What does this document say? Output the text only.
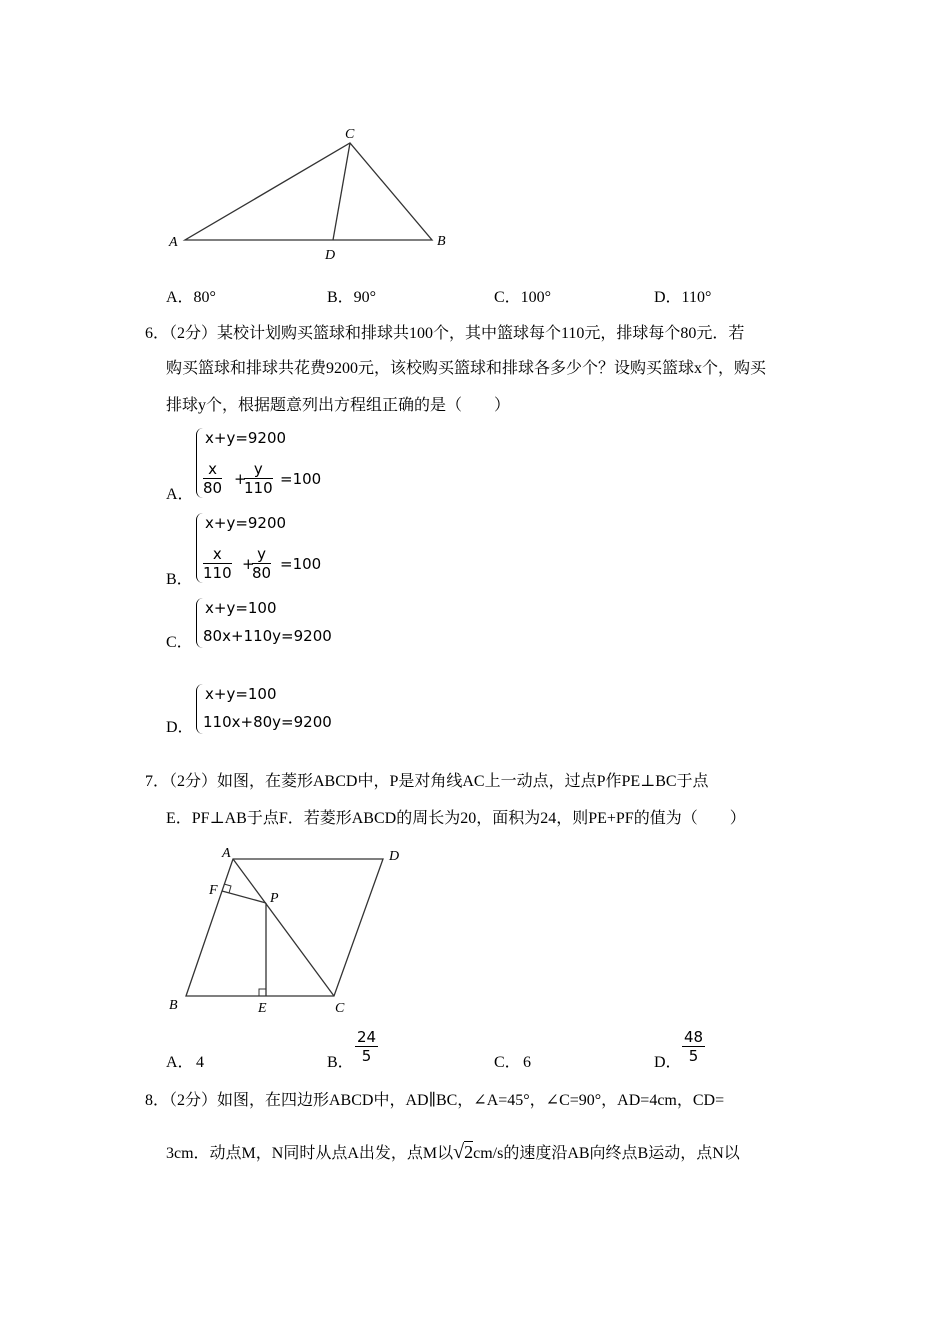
A	B
C
D
A	D
F
P
B	E	C
A．80°	B．90°	C．100°	D．110°
6．（2分）某校计划购买篮球和排球共100个，其中篮球每个110元，排球每个80元．若
购买篮球和排球共花费9200元，该校购买篮球和排球各多少个？设购买篮球x个，购买
排球y个，根据题意列出方程组正确的是（　　）
A．
x+y=9200
$\frac{x}{80}$ +
$\frac{y}{110} =100$
B．
x+y=9200
$\frac{x}{110}$ +
$\frac{y}{80} =100$
C．
x+y=100
80x+110y=9200
D．
x+y=100
110x+80y=9200
7．（2分）如图，在菱形ABCD中，P是对角线AC上一动点，过点P作PE⊥BC于点
E．PF⊥AB于点F．若菱形ABCD的周长为20，面积为24，则PE+PF的值为（　　）
A． 4	B． $\frac{24}{5}$	C． 6	D． $\frac{48}{5}$
8．（2分）如图，在四边形ABCD中，AD∥BC，∠A=45°，∠C=90°，AD=4cm，CD=
3cm．动点M，N同时从点A出发，点M以√2cm/s的速度沿AB向终点B运动，点N以
